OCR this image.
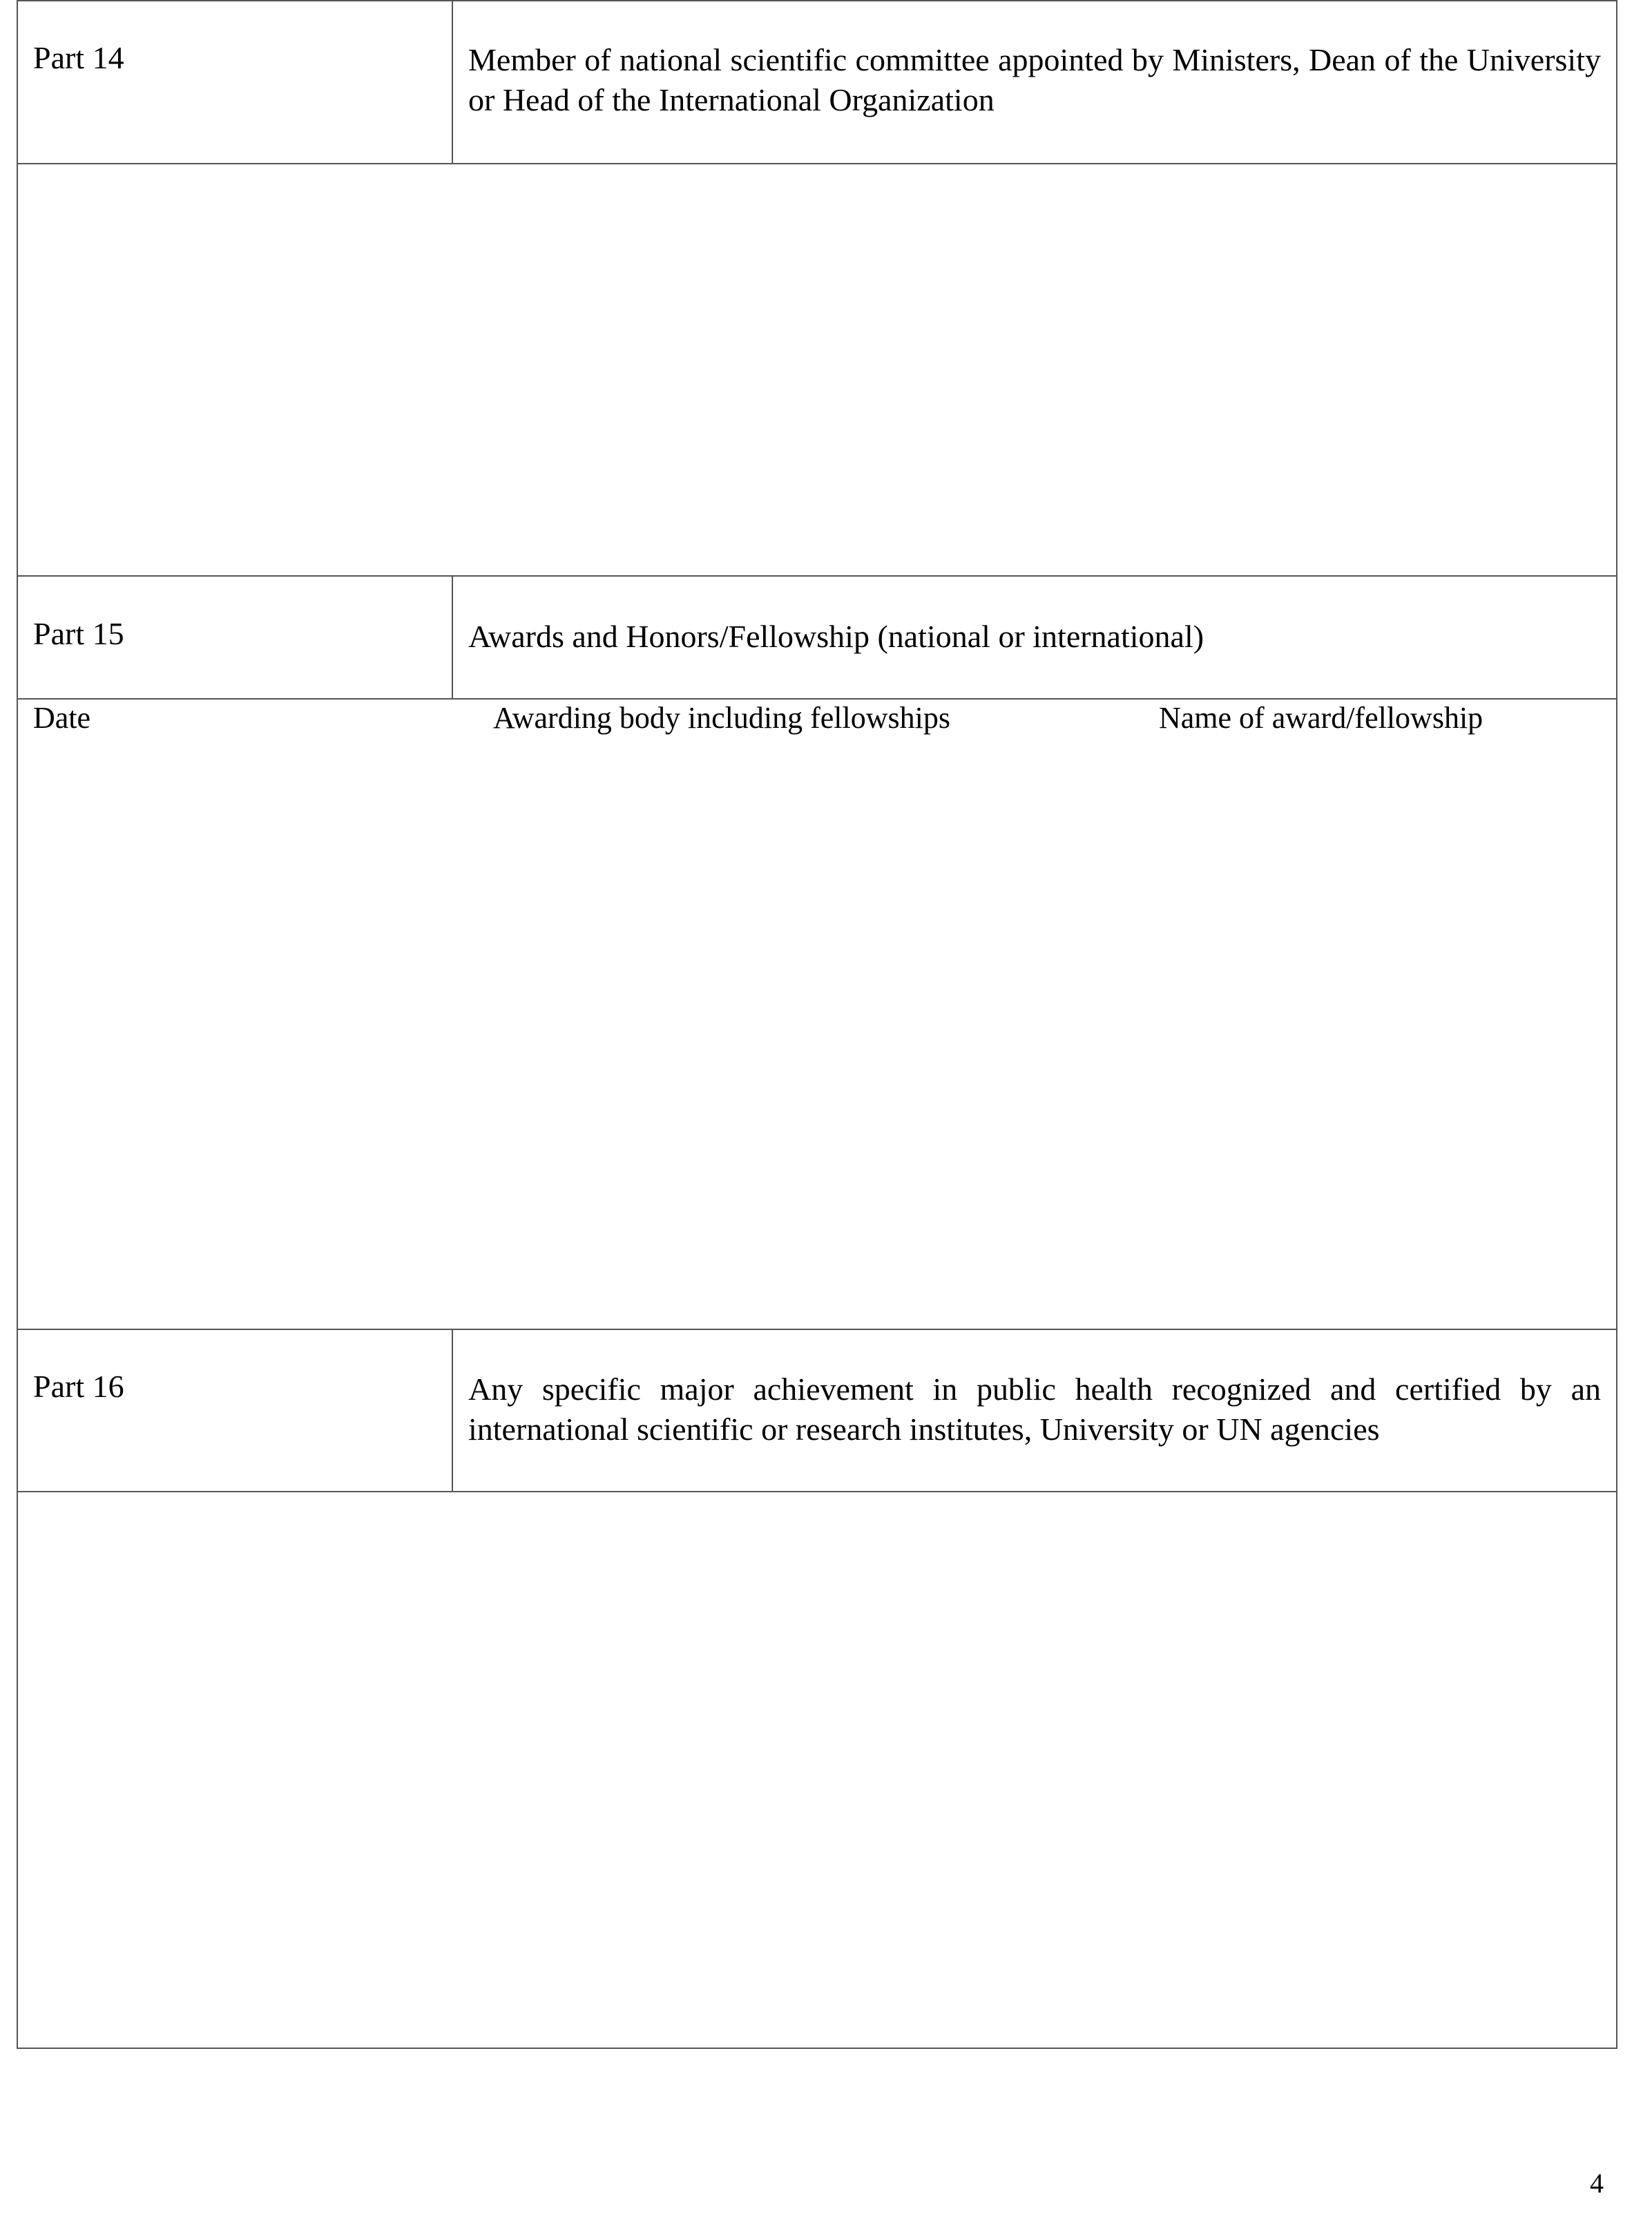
Part 14	Member of national scientific committee appointed by Ministers, Dean of the University or Head of the International Organization
Part 15	Awards and Honors/Fellowship (national or international)
Date	Awarding body including fellowships	Name of award/fellowship
Part 16	Any specific major achievement in public health recognized and certified by an international scientific or research institutes, University or UN agencies
4
